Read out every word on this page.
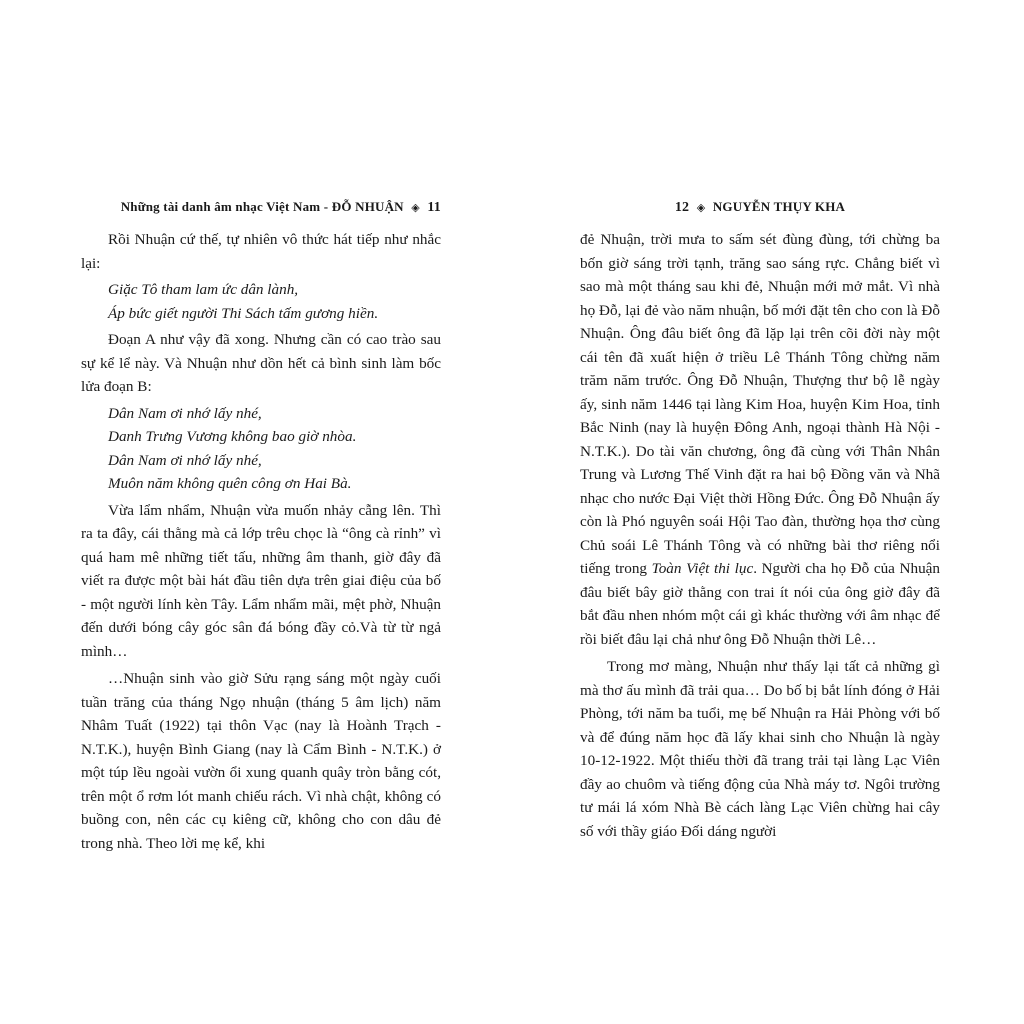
Những tài danh âm nhạc Việt Nam - ĐỖ NHUẬN ◈ 11

Rồi Nhuận cứ thế, tự nhiên vô thức hát tiếp như nhắc lại:

Giặc Tô tham lam ức dân lành,

Áp bức giết người Thi Sách tấm gương hiền.

Đoạn A như vậy đã xong. Nhưng cần có cao trào sau sự kể lể này. Và Nhuận như dồn hết cả bình sinh làm bốc lửa đoạn B:

Dân Nam ơi nhớ lấy nhé,

Danh Trưng Vương không bao giờ nhòa.

Dân Nam ơi nhớ lấy nhé,

Muôn năm không quên công ơn Hai Bà.

Vừa lẩm nhẩm, Nhuận vừa muốn nhảy cẫng lên. Thì ra ta đây, cái thằng mà cả lớp trêu chọc là “ông cà rỉnh” vì quá ham mê những tiết tấu, những âm thanh, giờ đây đã viết ra được một bài hát đầu tiên dựa trên giai điệu của bố - một người lính kèn Tây. Lẩm nhẩm mãi, mệt phờ, Nhuận đến dưới bóng cây góc sân đá bóng đầy cỏ.Và từ từ ngả mình…

…Nhuận sinh vào giờ Sửu rạng sáng một ngày cuối tuần trăng của tháng Ngọ nhuận (tháng 5 âm lịch) năm Nhâm Tuất (1922) tại thôn Vạc (nay là Hoành Trạch - N.T.K.), huyện Bình Giang (nay là Cẩm Bình - N.T.K.) ở một túp lều ngoài vườn ổi xung quanh quây tròn bằng cót, trên một ổ rơm lót manh chiếu rách. Vì nhà chật, không có buồng con, nên các cụ kiêng cữ, không cho con dâu đẻ trong nhà. Theo lời mẹ kể, khi

12 ◈ NGUYỄN THỤY KHA

đẻ Nhuận, trời mưa to sấm sét đùng đùng, tới chừng ba bốn giờ sáng trời tạnh, trăng sao sáng rực. Chẳng biết vì sao mà một tháng sau khi đẻ, Nhuận mới mở mắt. Vì nhà họ Đỗ, lại đẻ vào năm nhuận, bố mới đặt tên cho con là Đỗ Nhuận. Ông đâu biết ông đã lặp lại trên cõi đời này một cái tên đã xuất hiện ở triều Lê Thánh Tông chừng năm trăm năm trước. Ông Đỗ Nhuận, Thượng thư bộ lễ ngày ấy, sinh năm 1446 tại làng Kim Hoa, huyện Kim Hoa, tỉnh Bắc Ninh (nay là huyện Đông Anh, ngoại thành Hà Nội - N.T.K.). Do tài văn chương, ông đã cùng với Thân Nhân Trung và Lương Thế Vinh đặt ra hai bộ Đồng văn và Nhã nhạc cho nước Đại Việt thời Hồng Đức. Ông Đỗ Nhuận ấy còn là Phó nguyên soái Hội Tao đàn, thường họa thơ cùng Chủ soái Lê Thánh Tông và có những bài thơ riêng nổi tiếng trong Toàn Việt thi lục. Người cha họ Đỗ của Nhuận đâu biết bây giờ thằng con trai ít nói của ông giờ đây đã bắt đầu nhen nhóm một cái gì khác thường với âm nhạc để rồi biết đâu lại chả như ông Đỗ Nhuận thời Lê…

Trong mơ màng, Nhuận như thấy lại tất cả những gì mà thơ ấu mình đã trải qua… Do bố bị bắt lính đóng ở Hải Phòng, tới năm ba tuổi, mẹ bế Nhuận ra Hải Phòng với bố và để đúng năm học đã lấy khai sinh cho Nhuận là ngày 10-12-1922. Một thiếu thời đã trang trải tại làng Lạc Viên đầy ao chuôm và tiếng động của Nhà máy tơ. Ngôi trường tư mái lá xóm Nhà Bè cách làng Lạc Viên chừng hai cây số với thầy giáo Đối dáng người
